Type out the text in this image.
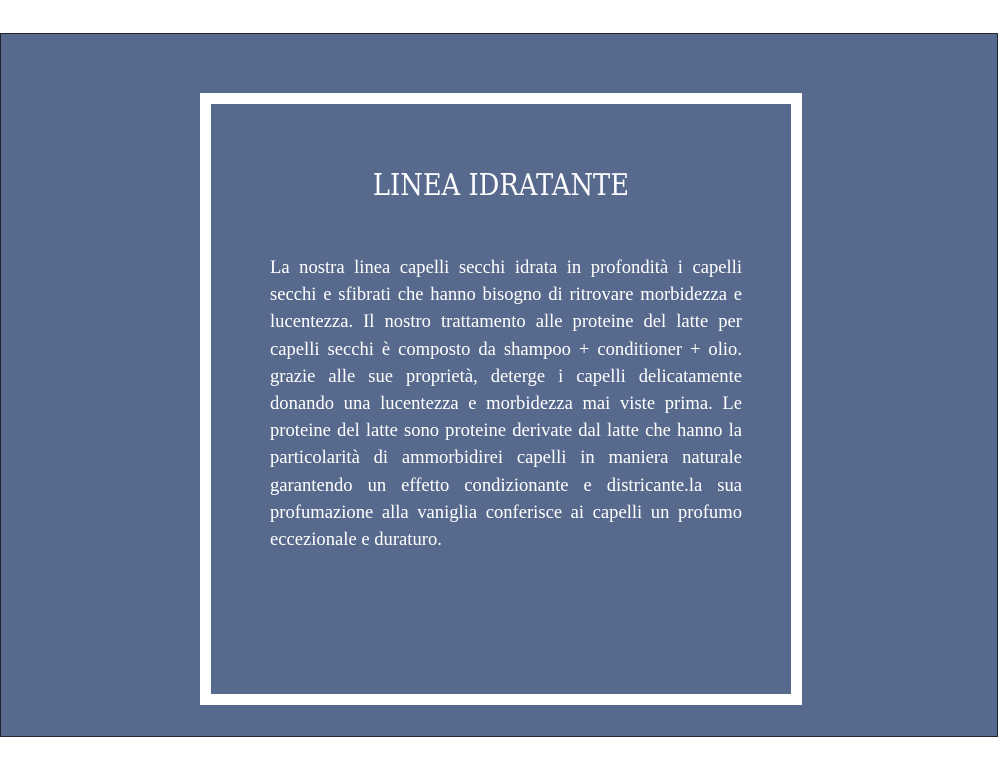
LINEA IDRATANTE

La nostra linea capelli secchi idrata in profondità i capelli secchi e sfibrati che hanno bisogno di ritrovare morbidezza e lucentezza. Il nostro trattamento alle proteine del latte per capelli secchi è composto da shampoo + conditioner + olio. grazie alle sue proprietà, deterge i capelli delicatamente donando una lucentezza e morbidezza mai viste prima. Le proteine del latte sono proteine derivate dal latte che hanno la particolarità di ammorbidirei capelli in maniera naturale garantendo un effetto condizionante e districante.la sua profumazione alla vaniglia conferisce ai capelli un profumo eccezionale e duraturo.
